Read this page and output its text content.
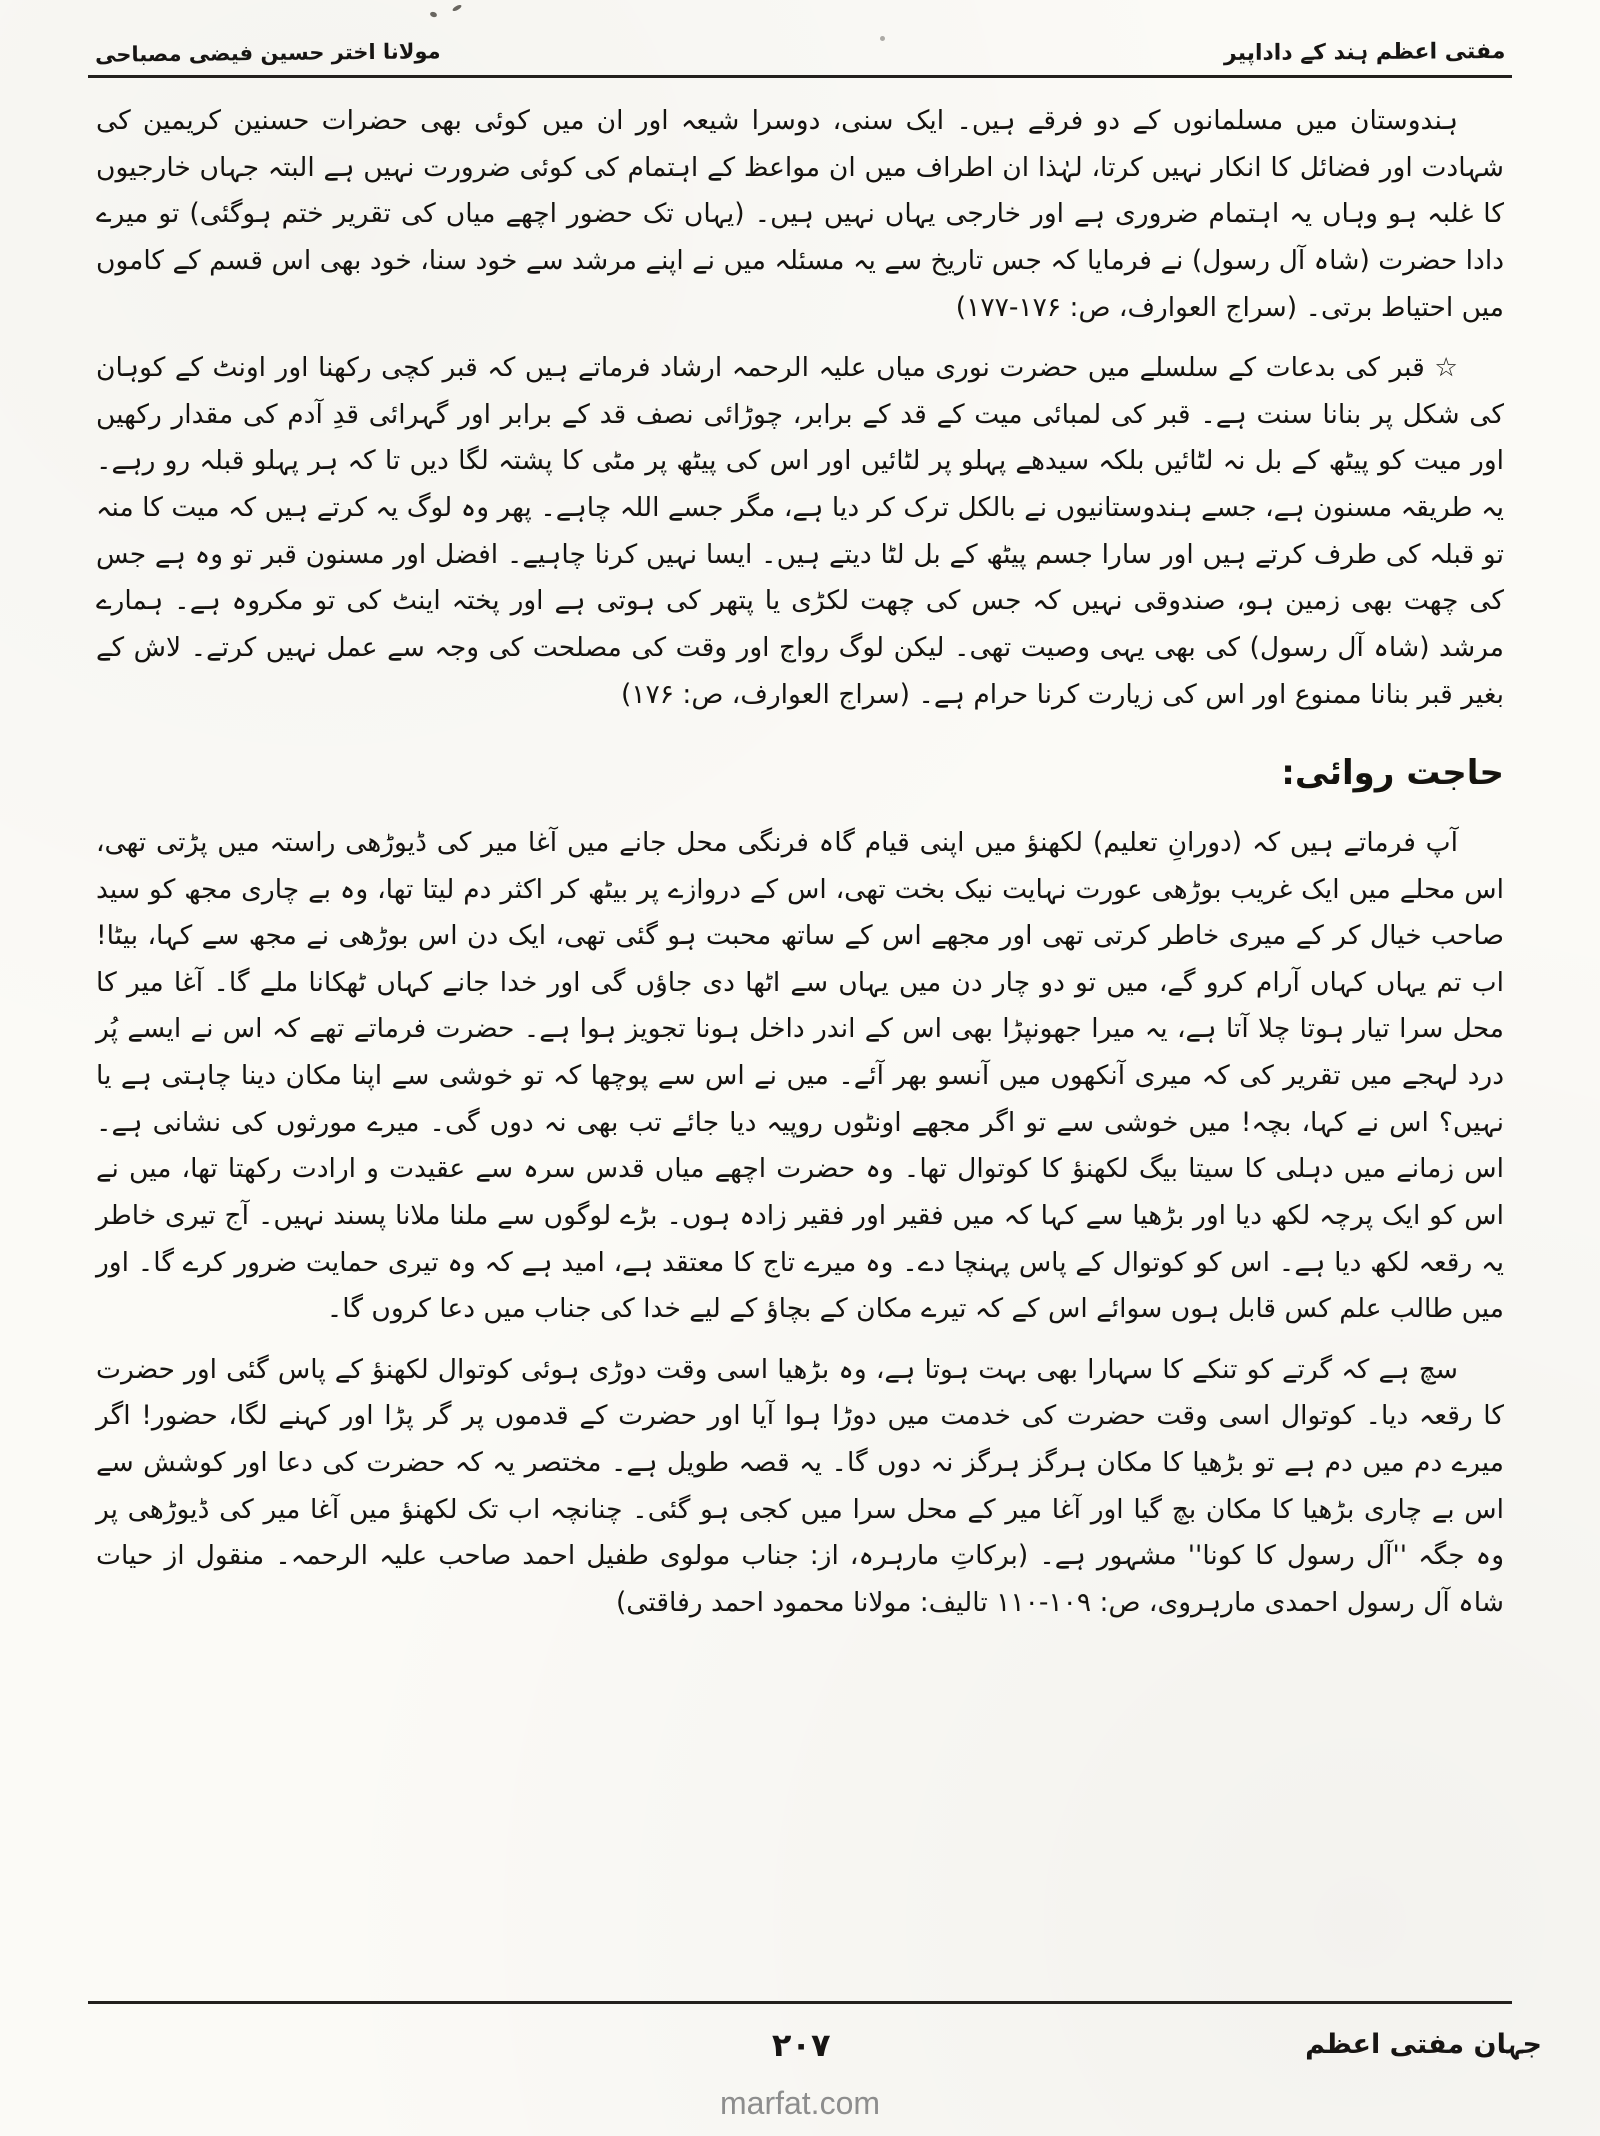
مفتی اعظم ہند کے داداپیر
مولانا اختر حسین فیضی مصباحی

ہندوستان میں مسلمانوں کے دو فرقے ہیں۔ ایک سنی، دوسرا شیعہ اور ان میں کوئی بھی حضرات حسنین کریمین کی شہادت اور فضائل کا انکار نہیں کرتا، لہٰذا ان اطراف میں ان مواعظ کے اہتمام کی کوئی ضرورت نہیں ہے البتہ جہاں خارجیوں کا غلبہ ہو وہاں یہ اہتمام ضروری ہے اور خارجی یہاں نہیں ہیں۔ (یہاں تک حضور اچھے میاں کی تقریر ختم ہوگئی) تو میرے دادا حضرت (شاہ آل رسول) نے فرمایا کہ جس تاریخ سے یہ مسئلہ میں نے اپنے مرشد سے خود سنا، خود بھی اس قسم کے کاموں میں احتیاط برتی۔ (سراج العوارف، ص: ۱۷۶-۱۷۷)

☆ قبر کی بدعات کے سلسلے میں حضرت نوری میاں علیہ الرحمہ ارشاد فرماتے ہیں کہ قبر کچی رکھنا اور اونٹ کے کوہان کی شکل پر بنانا سنت ہے۔ قبر کی لمبائی میت کے قد کے برابر، چوڑائی نصف قد کے برابر اور گہرائی قدِ آدم کی مقدار رکھیں اور میت کو پیٹھ کے بل نہ لٹائیں بلکہ سیدھے پہلو پر لٹائیں اور اس کی پیٹھ پر مٹی کا پشتہ لگا دیں تا کہ ہر پہلو قبلہ رو رہے۔ یہ طریقہ مسنون ہے، جسے ہندوستانیوں نے بالکل ترک کر دیا ہے، مگر جسے اللہ چاہے۔ پھر وہ لوگ یہ کرتے ہیں کہ میت کا منہ تو قبلہ کی طرف کرتے ہیں اور سارا جسم پیٹھ کے بل لٹا دیتے ہیں۔ ایسا نہیں کرنا چاہیے۔ افضل اور مسنون قبر تو وہ ہے جس کی چھت بھی زمین ہو، صندوقی نہیں کہ جس کی چھت لکڑی یا پتھر کی ہوتی ہے اور پختہ اینٹ کی تو مکروہ ہے۔ ہمارے مرشد (شاہ آل رسول) کی بھی یہی وصیت تھی۔ لیکن لوگ رواج اور وقت کی مصلحت کی وجہ سے عمل نہیں کرتے۔ لاش کے بغیر قبر بنانا ممنوع اور اس کی زیارت کرنا حرام ہے۔ (سراج العوارف، ص: ۱۷۶)

حاجت روائی:

آپ فرماتے ہیں کہ (دورانِ تعلیم) لکھنؤ میں اپنی قیام گاہ فرنگی محل جانے میں آغا میر کی ڈیوڑھی راستہ میں پڑتی تھی، اس محلے میں ایک غریب بوڑھی عورت نہایت نیک بخت تھی، اس کے دروازے پر بیٹھ کر اکثر دم لیتا تھا، وہ بے چاری مجھ کو سید صاحب خیال کر کے میری خاطر کرتی تھی اور مجھے اس کے ساتھ محبت ہو گئی تھی، ایک دن اس بوڑھی نے مجھ سے کہا، بیٹا! اب تم یہاں کہاں آرام کرو گے، میں تو دو چار دن میں یہاں سے اٹھا دی جاؤں گی اور خدا جانے کہاں ٹھکانا ملے گا۔ آغا میر کا محل سرا تیار ہوتا چلا آتا ہے، یہ میرا جھونپڑا بھی اس کے اندر داخل ہونا تجویز ہوا ہے۔ حضرت فرماتے تھے کہ اس نے ایسے پُر درد لہجے میں تقریر کی کہ میری آنکھوں میں آنسو بھر آئے۔ میں نے اس سے پوچھا کہ تو خوشی سے اپنا مکان دینا چاہتی ہے یا نہیں؟ اس نے کہا، بچہ! میں خوشی سے تو اگر مجھے اونٹوں روپیہ دیا جائے تب بھی نہ دوں گی۔ میرے مورثوں کی نشانی ہے۔ اس زمانے میں دہلی کا سیتا بیگ لکھنؤ کا کوتوال تھا۔ وہ حضرت اچھے میاں قدس سرہ سے عقیدت و ارادت رکھتا تھا، میں نے اس کو ایک پرچہ لکھ دیا اور بڑھیا سے کہا کہ میں فقیر اور فقیر زادہ ہوں۔ بڑے لوگوں سے ملنا ملانا پسند نہیں۔ آج تیری خاطر یہ رقعہ لکھ دیا ہے۔ اس کو کوتوال کے پاس پہنچا دے۔ وہ میرے تاج کا معتقد ہے، امید ہے کہ وہ تیری حمایت ضرور کرے گا۔ اور میں طالب علم کس قابل ہوں سوائے اس کے کہ تیرے مکان کے بچاؤ کے لیے خدا کی جناب میں دعا کروں گا۔

سچ ہے کہ گرتے کو تنکے کا سہارا بھی بہت ہوتا ہے، وہ بڑھیا اسی وقت دوڑی ہوئی کوتوال لکھنؤ کے پاس گئی اور حضرت کا رقعہ دیا۔ کوتوال اسی وقت حضرت کی خدمت میں دوڑا ہوا آیا اور حضرت کے قدموں پر گر پڑا اور کہنے لگا، حضور! اگر میرے دم میں دم ہے تو بڑھیا کا مکان ہرگز ہرگز نہ دوں گا۔ یہ قصہ طویل ہے۔ مختصر یہ کہ حضرت کی دعا اور کوشش سے اس بے چاری بڑھیا کا مکان بچ گیا اور آغا میر کے محل سرا میں کجی ہو گئی۔ چنانچہ اب تک لکھنؤ میں آغا میر کی ڈیوڑھی پر وہ جگہ ''آل رسول کا کونا'' مشہور ہے۔ (برکاتِ مارہرہ، از: جناب مولوی طفیل احمد صاحب علیہ الرحمہ۔ منقول از حیات شاہ آل رسول احمدی مارہروی، ص: ۱۰۹-۱۱۰ تالیف: مولانا محمود احمد رفاقتی)

جہان مفتی اعظم
۲۰۷
marfat.com
